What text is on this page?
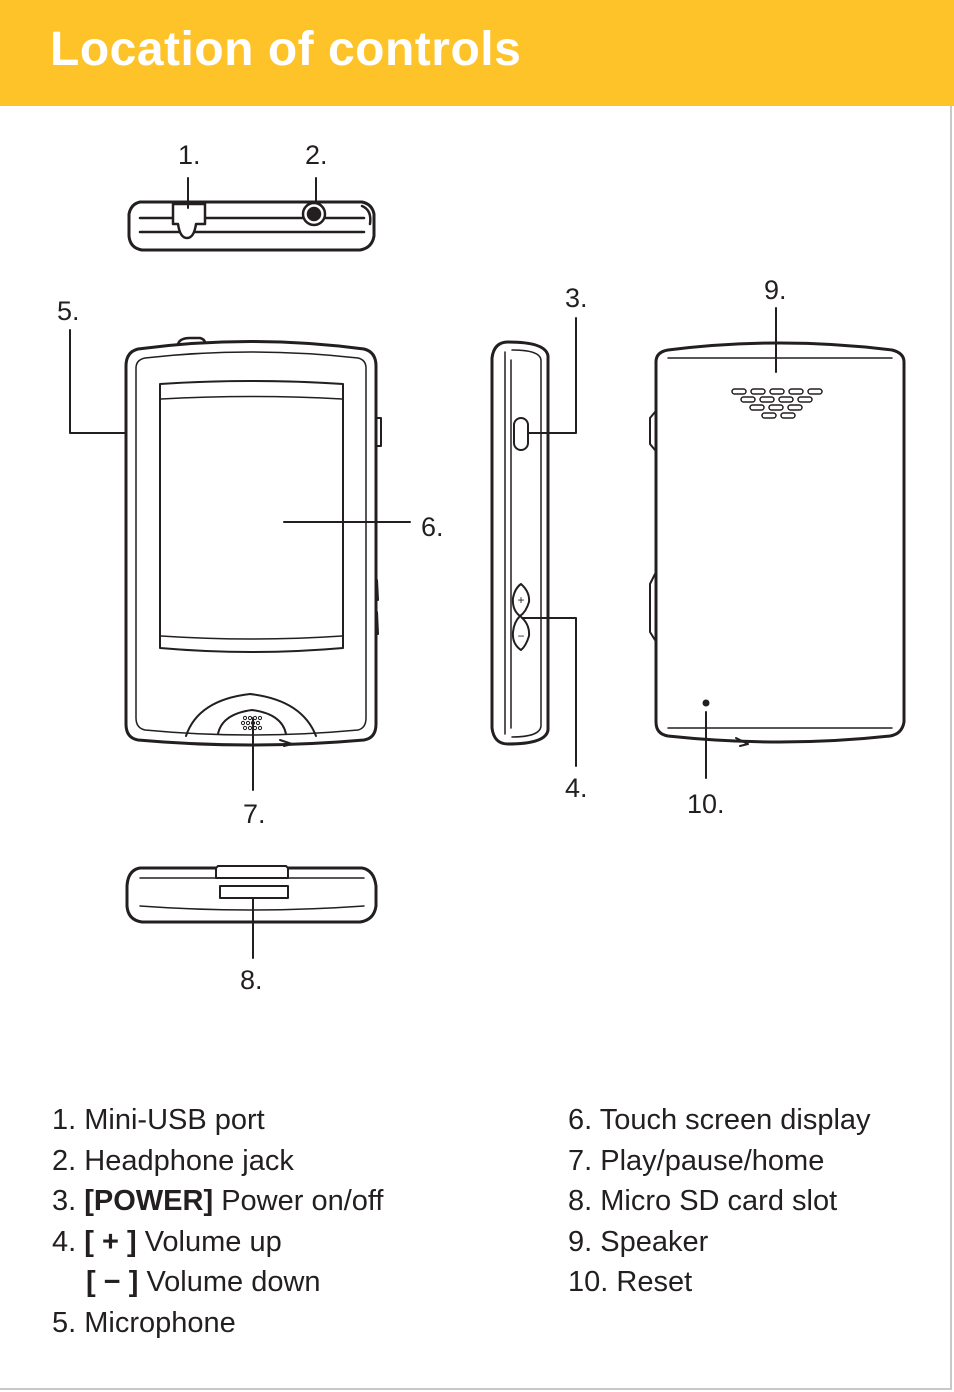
Location of controls
+
−
1.	2.
3.
4.
5.
6.
7.
8.
9.
10.
1. Mini-USB port
2. Headphone jack
3. [POWER] Power on/off
4. [ + ] Volume up
[ − ] Volume down
5. Microphone
6. Touch screen display
7. Play/pause/home
8. Micro SD card slot
9. Speaker
10. Reset
